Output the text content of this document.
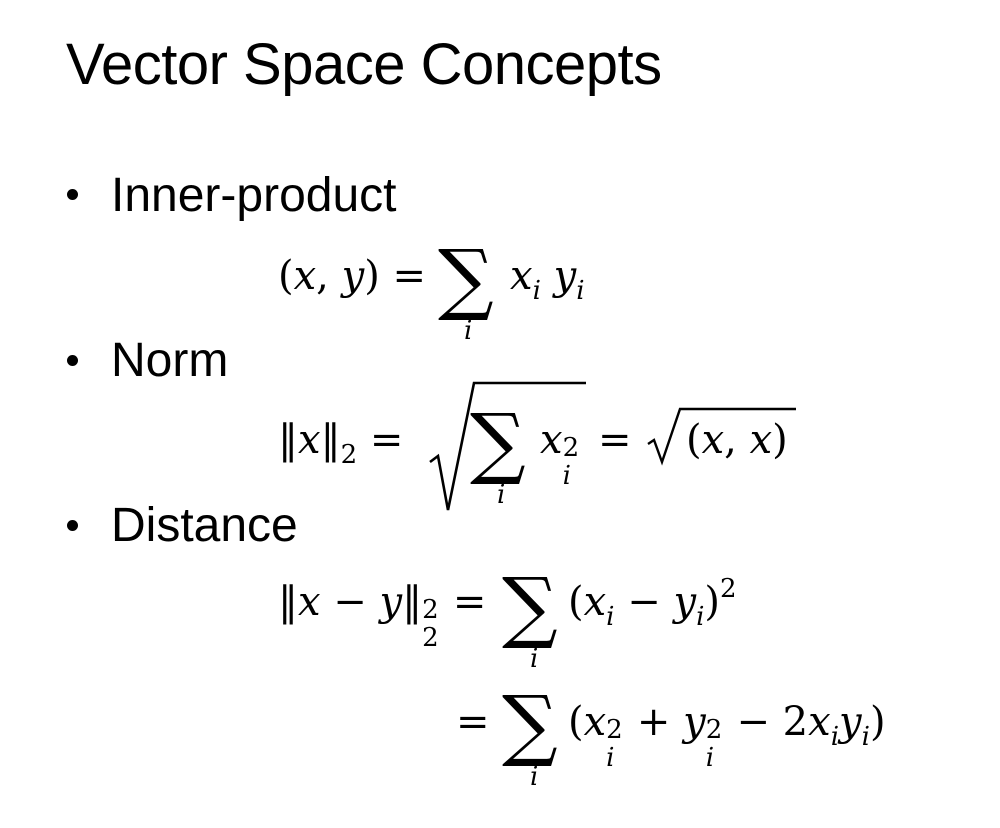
Vector Space Concepts
Inner-product
(x, y) = ∑
i
$x_i$ $y_i$
Norm
$‖x‖_2$ = ∑
i
x 2
i
= (x, x)
Distance
‖x − y‖ 2
2
= ∑
i
$(x_i - y_i)^2$
= ∑
i
(x 2
i
+ y 2
i
− $2x_iy_i$)
